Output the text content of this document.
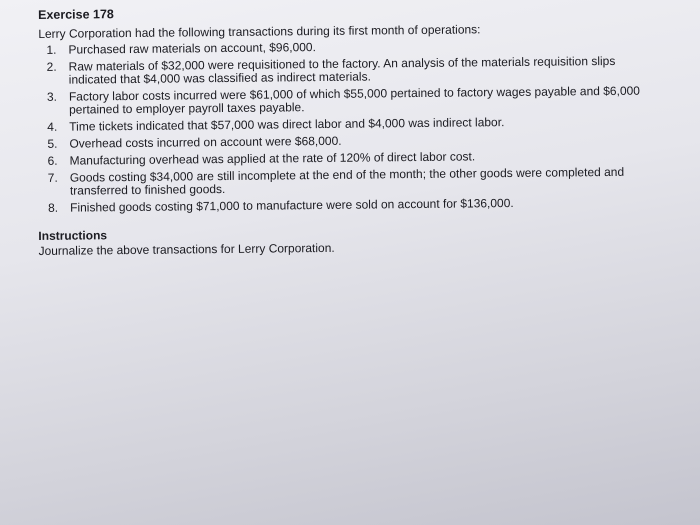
Exercise 178
Lerry Corporation had the following transactions during its first month of operations:
1. Purchased raw materials on account, $96,000.
2. Raw materials of $32,000 were requisitioned to the factory. An analysis of the materials requisition slips indicated that $4,000 was classified as indirect materials.
3. Factory labor costs incurred were $61,000 of which $55,000 pertained to factory wages payable and $6,000 pertained to employer payroll taxes payable.
4. Time tickets indicated that $57,000 was direct labor and $4,000 was indirect labor.
5. Overhead costs incurred on account were $68,000.
6. Manufacturing overhead was applied at the rate of 120% of direct labor cost.
7. Goods costing $34,000 are still incomplete at the end of the month; the other goods were completed and transferred to finished goods.
8. Finished goods costing $71,000 to manufacture were sold on account for $136,000.
Instructions
Journalize the above transactions for Lerry Corporation.
